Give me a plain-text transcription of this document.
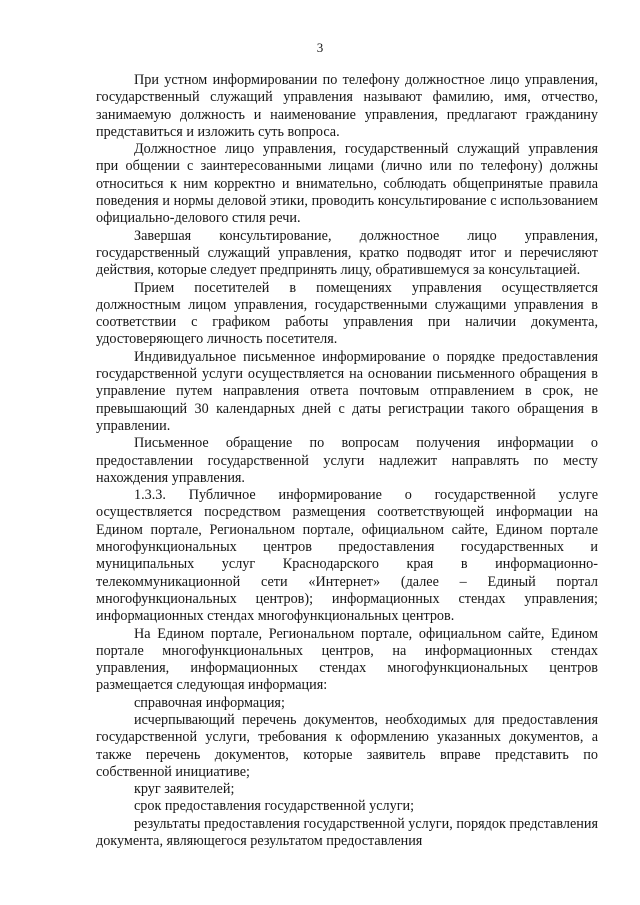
3

При устном информировании по телефону должностное лицо управления, государственный служащий управления называют фамилию, имя, отчество, занимаемую должность и наименование управления, предлагают гражданину представиться и изложить суть вопроса.

Должностное лицо управления, государственный служащий управления при общении с заинтересованными лицами (лично или по телефону) должны относиться к ним корректно и внимательно, соблюдать общепринятые правила поведения и нормы деловой этики, проводить консультирование с использованием официально-делового стиля речи.

Завершая консультирование, должностное лицо управления, государственный служащий управления, кратко подводят итог и перечисляют действия, которые следует предпринять лицу, обратившемуся за консультацией.

Прием посетителей в помещениях управления осуществляется должностным лицом управления, государственными служащими управления в соответствии с графиком работы управления при наличии документа, удостоверяющего личность посетителя.

Индивидуальное письменное информирование о порядке предоставления государственной услуги осуществляется на основании письменного обращения в управление путем направления ответа почтовым отправлением в срок, не превышающий 30 календарных дней с даты регистрации такого обращения в управлении.

Письменное обращение по вопросам получения информации о предоставлении государственной услуги надлежит направлять по месту нахождения управления.

1.3.3. Публичное информирование о государственной услуге осуществляется посредством размещения соответствующей информации на Едином портале, Региональном портале, официальном сайте, Едином портале многофункциональных центров предоставления государственных и муниципальных услуг Краснодарского края в информационно-телекоммуникационной сети «Интернет» (далее – Единый портал многофункциональных центров); информационных стендах управления; информационных стендах многофункциональных центров.

На Едином портале, Региональном портале, официальном сайте, Едином портале многофункциональных центров, на информационных стендах управления, информационных стендах многофункциональных центров размещается следующая информация:

справочная информация;

исчерпывающий перечень документов, необходимых для предоставления государственной услуги, требования к оформлению указанных документов, а также перечень документов, которые заявитель вправе представить по собственной инициативе;

круг заявителей;

срок предоставления государственной услуги;

результаты предоставления государственной услуги, порядок представления документа, являющегося результатом предоставления
